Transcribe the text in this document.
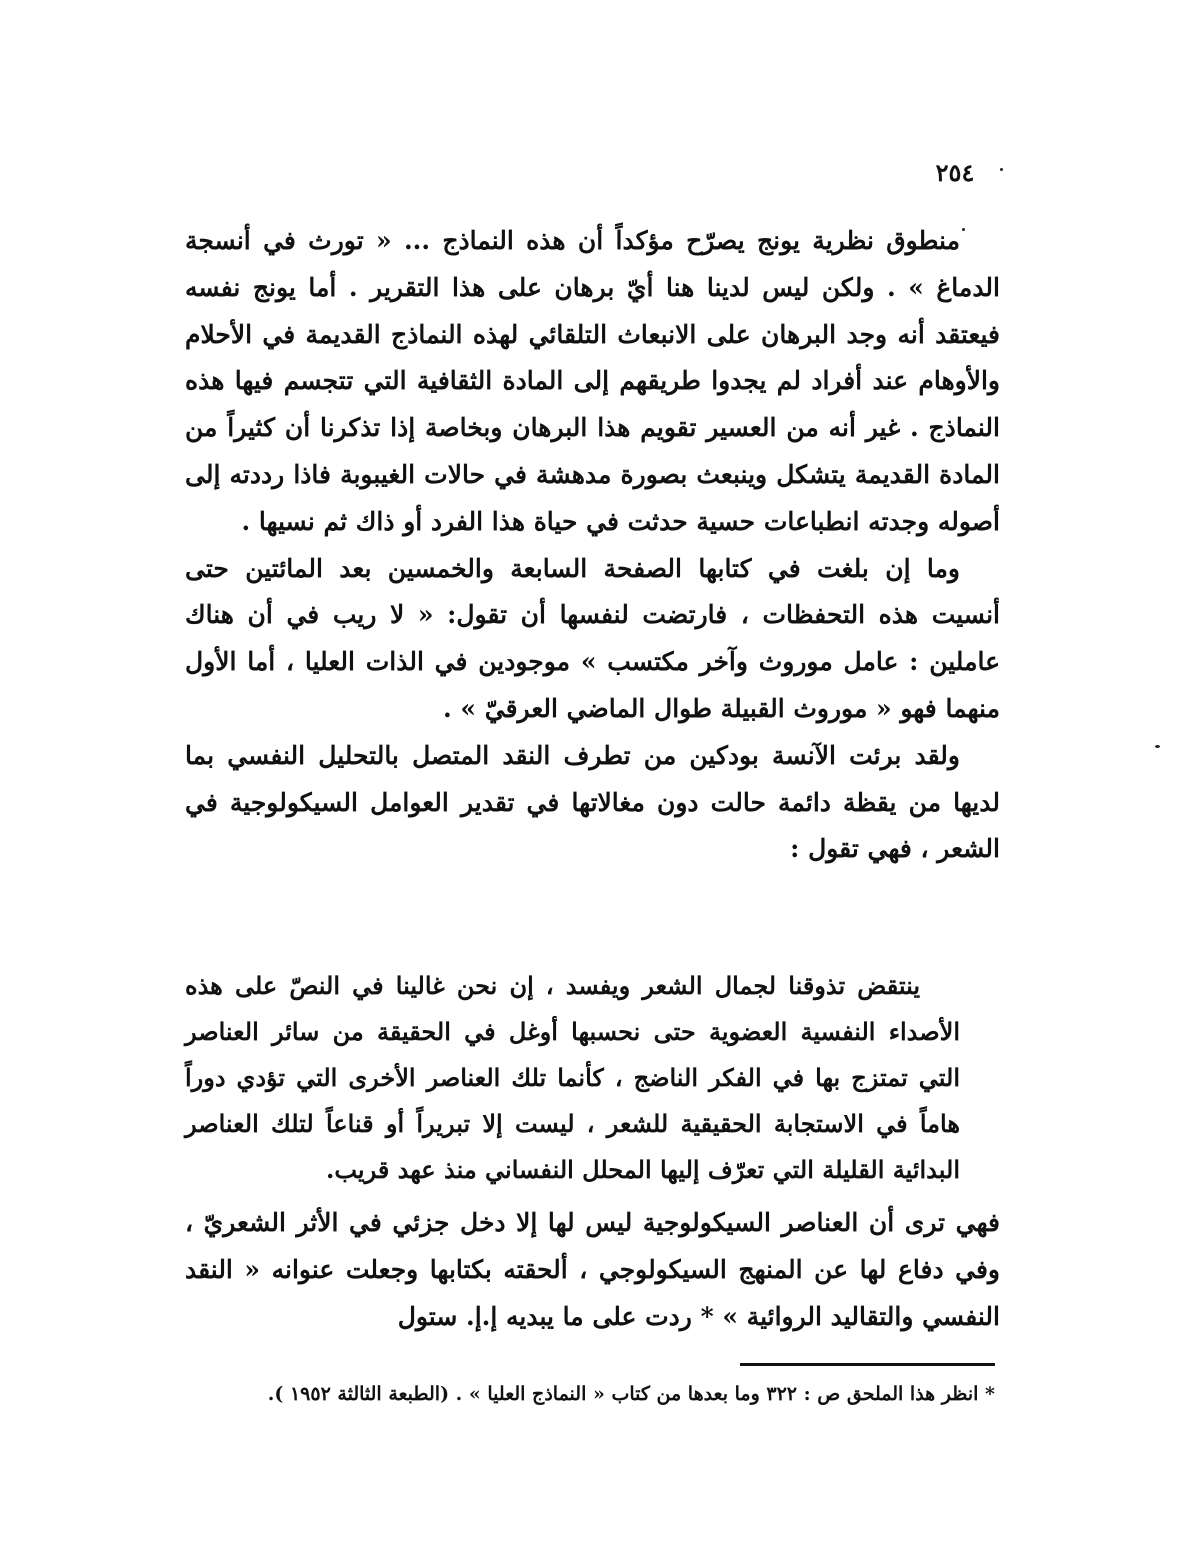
٢٥٤

منطوق نظرية يونج يصرّح مؤكداً أن هذه النماذج ... « تورث في أنسجة الدماغ » . ولكن ليس لدينا هنا أيّ برهان على هذا التقرير . أما يونج نفسه فيعتقد أنه وجد البرهان على الانبعاث التلقائي لهذه النماذج القديمة في الأحلام والأوهام عند أفراد لم يجدوا طريقهم إلى المادة الثقافية التي تتجسم فيها هذه النماذج . غير أنه من العسير تقويم هذا البرهان وبخاصة إذا تذكرنا أن كثيراً من المادة القديمة يتشكل وينبعث بصورة مدهشة في حالات الغيبوبة فاذا رددته إلى أصوله وجدته انطباعات حسية حدثت في حياة هذا الفرد أو ذاك ثم نسيها .

وما إن بلغت في كتابها الصفحة السابعة والخمسين بعد المائتين حتى أنسيت هذه التحفظات ، فارتضت لنفسها أن تقول: « لا ريب في أن هناك عاملين : عامل موروث وآخر مكتسب » موجودين في الذات العليا ، أما الأول منهما فهو « موروث القبيلة طوال الماضي العرقيّ » .

ولقد برئت الآنسة بودكين من تطرف النقد المتصل بالتحليل النفسي بما لديها من يقظة دائمة حالت دون مغالاتها في تقدير العوامل السيكولوجية في الشعر ، فهي تقول :

ينتقض تذوقنا لجمال الشعر ويفسد ، إن نحن غالينا في النصّ على هذه الأصداء النفسية العضوية حتى نحسبها أوغل في الحقيقة من سائر العناصر التي تمتزج بها في الفكر الناضج ، كأنما تلك العناصر الأخرى التي تؤدي دوراً هاماً في الاستجابة الحقيقية للشعر ، ليست إلا تبريراً أو قناعاً لتلك العناصر البدائية القليلة التي تعرّف إليها المحلل النفساني منذ عهد قريب.

فهي ترى أن العناصر السيكولوجية ليس لها إلا دخل جزئي في الأثر الشعريّ ، وفي دفاع لها عن المنهج السيكولوجي ، ألحقته بكتابها وجعلت عنوانه « النقد النفسي والتقاليد الروائية » * ردت على ما يبديه إ.إ. ستول

* انظر هذا الملحق ص : ٣٢٢ وما بعدها من كتاب « النماذج العليا » . (الطبعة الثالثة ١٩٥٢ ).
